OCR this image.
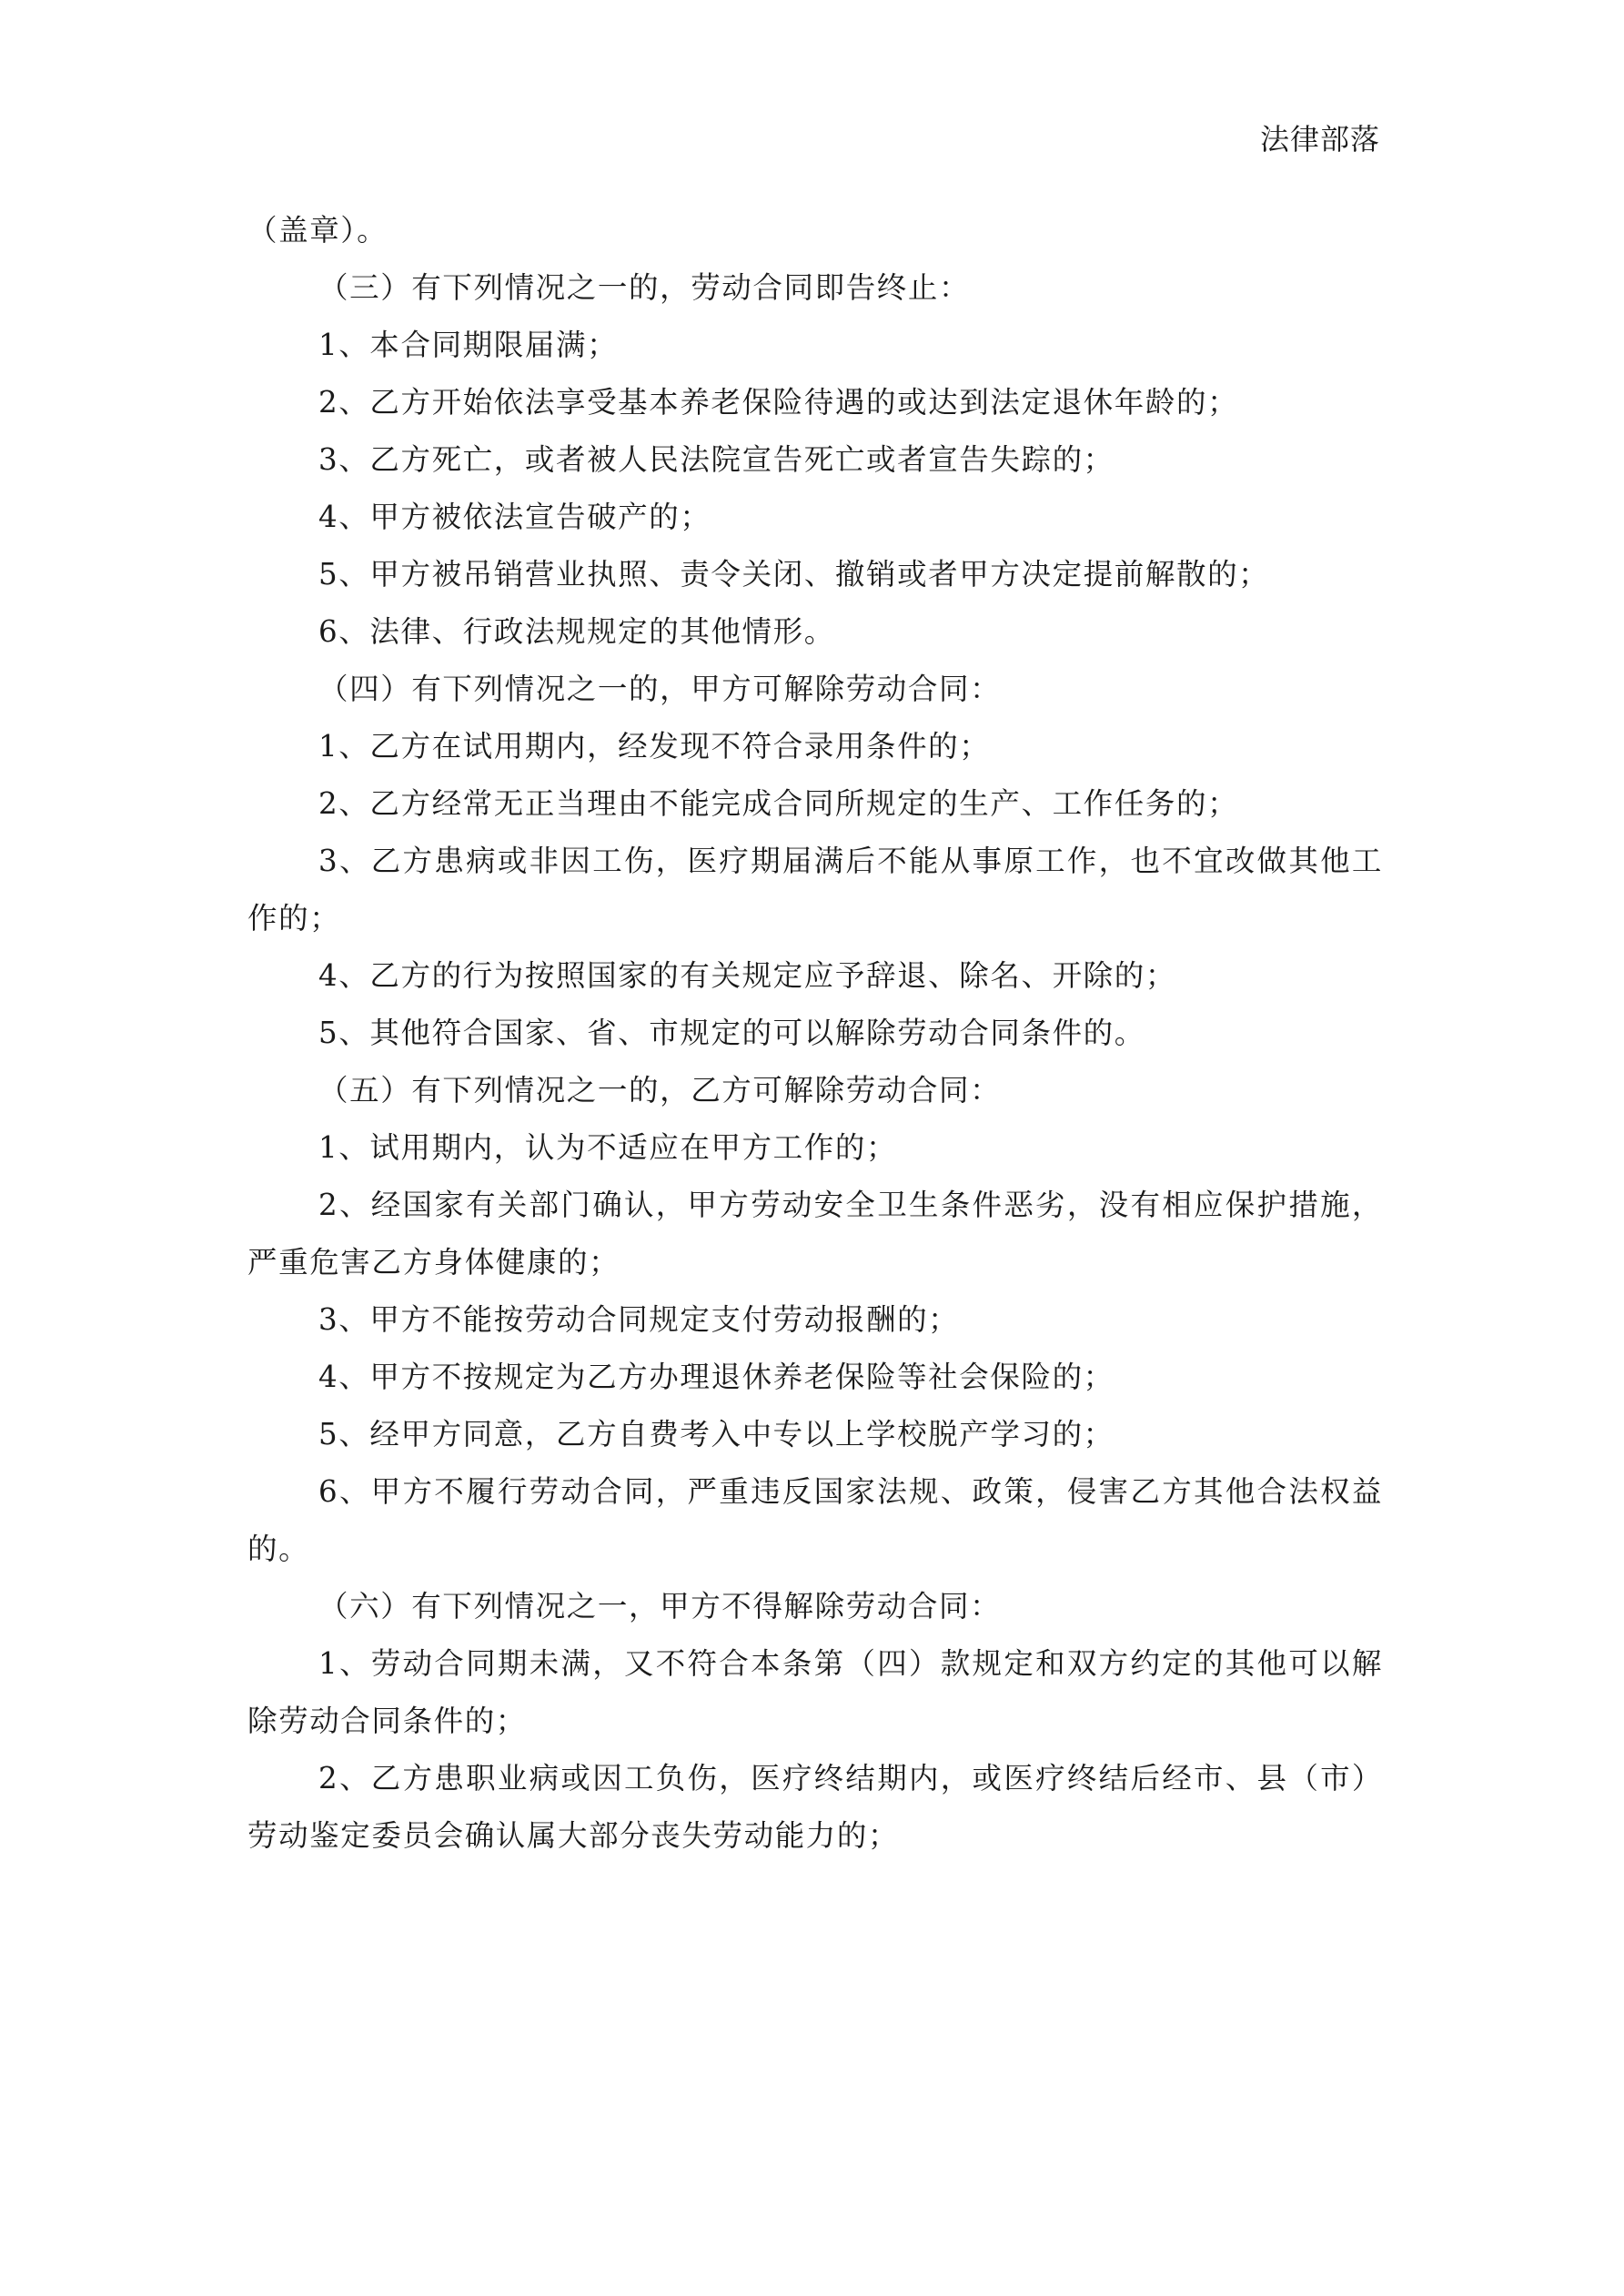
法律部落

（盖章）。

（三）有下列情况之一的，劳动合同即告终止：

1、本合同期限届满；

2、乙方开始依法享受基本养老保险待遇的或达到法定退休年龄的；

3、乙方死亡，或者被人民法院宣告死亡或者宣告失踪的；

4、甲方被依法宣告破产的；

5、甲方被吊销营业执照、责令关闭、撤销或者甲方决定提前解散的；

6、法律、行政法规规定的其他情形。

（四）有下列情况之一的，甲方可解除劳动合同：

1、乙方在试用期内，经发现不符合录用条件的；

2、乙方经常无正当理由不能完成合同所规定的生产、工作任务的；

3、乙方患病或非因工伤，医疗期届满后不能从事原工作，也不宜改做其他工作的；

4、乙方的行为按照国家的有关规定应予辞退、除名、开除的；

5、其他符合国家、省、市规定的可以解除劳动合同条件的。

（五）有下列情况之一的，乙方可解除劳动合同：

1、试用期内，认为不适应在甲方工作的；

2、经国家有关部门确认，甲方劳动安全卫生条件恶劣，没有相应保护措施，严重危害乙方身体健康的；

3、甲方不能按劳动合同规定支付劳动报酬的；

4、甲方不按规定为乙方办理退休养老保险等社会保险的；

5、经甲方同意，乙方自费考入中专以上学校脱产学习的；

6、甲方不履行劳动合同，严重违反国家法规、政策，侵害乙方其他合法权益的。

（六）有下列情况之一，甲方不得解除劳动合同：

1、劳动合同期未满，又不符合本条第（四）款规定和双方约定的其他可以解除劳动合同条件的；

2、乙方患职业病或因工负伤，医疗终结期内，或医疗终结后经市、县（市）劳动鉴定委员会确认属大部分丧失劳动能力的；
